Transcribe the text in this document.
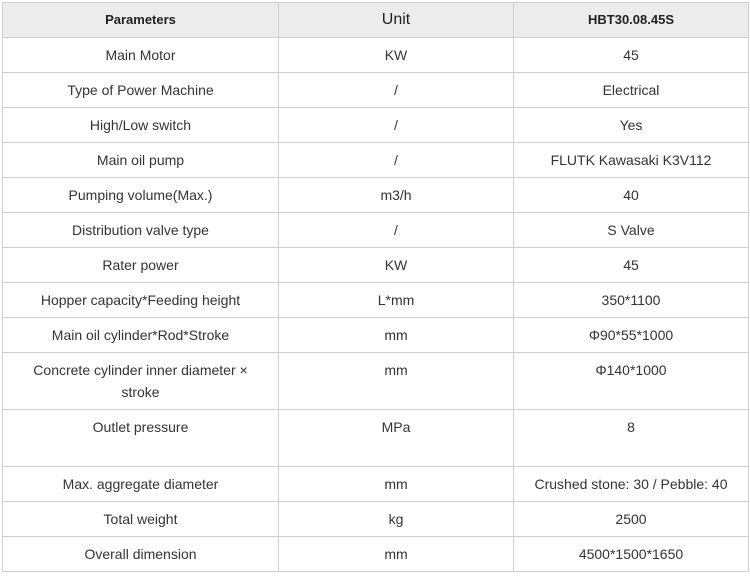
Parameters	Unit	HBT30.08.45S
Main Motor	KW	45
Type of Power Machine	/	Electrical
High/Low switch	/	Yes
Main oil pump	/	FLUTK Kawasaki K3V112
Pumping volume(Max.)	m3/h	40
Distribution valve type	/	S Valve
Rater power	KW	45
Hopper capacity*Feeding height	L*mm	350*1100
Main oil cylinder*Rod*Stroke	mm	Φ90*55*1000
Concrete cylinder inner diameter × stroke	mm	Φ140*1000
Outlet pressure	MPa	8
Max. aggregate diameter	mm	Crushed stone: 30 / Pebble: 40
Total weight	kg	2500
Overall dimension	mm	4500*1500*1650
